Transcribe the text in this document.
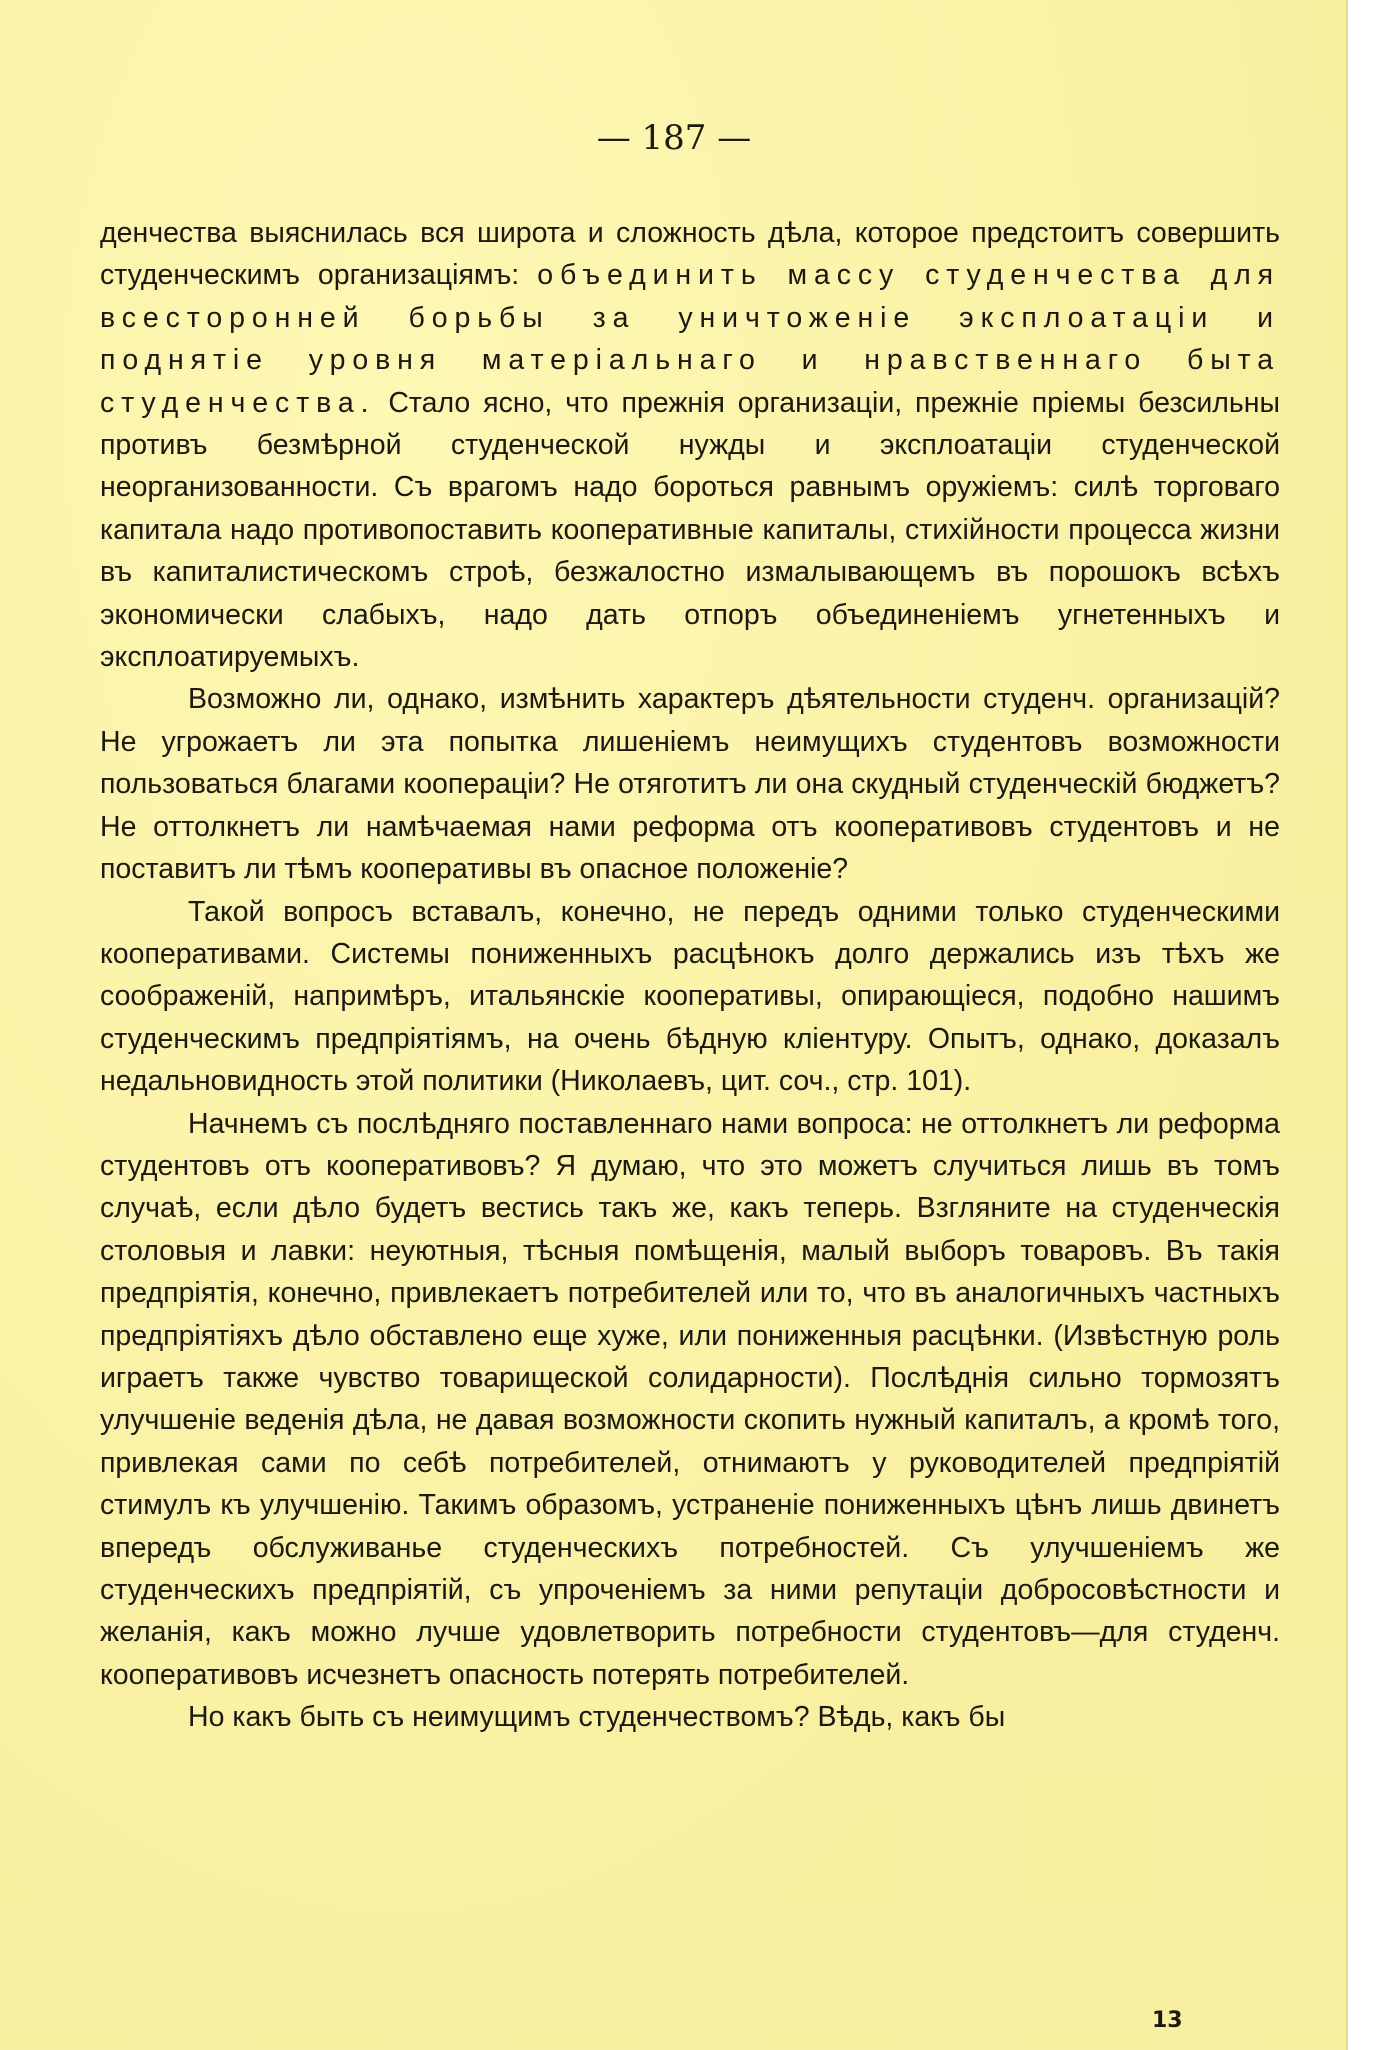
— 187 —

денчества выяснилась вся широта и сложность дѣла, которое предстоитъ совершить студенческимъ организацiямъ: объединить массу студенчества для всесторонней борьбы за уничтоженiе эксплоатацiи и поднятiе уровня матерiальнаго и нравственнаго быта студенчества. Стало ясно, что прежнiя организацiи, прежнiе прiемы безсильны противъ безмѣрной студенческой нужды и эксплоатацiи студенческой неорганизованности. Съ врагомъ надо бороться равнымъ оружiемъ: силѣ торговаго капитала надо противопоставить кооперативные капиталы, стихiйности процесса жизни въ капиталистическомъ строѣ, безжалостно измалывающемъ въ порошокъ всѣхъ экономически слабыхъ, надо дать отпоръ объединенiемъ угнетенныхъ и эксплоатируемыхъ.

Возможно ли, однако, измѣнить характеръ дѣятельности студенч. организацiй? Не угрожаетъ ли эта попытка лишенiемъ неимущихъ студентовъ возможности пользоваться благами кооперацiи? Не отяготитъ ли она скудный студенческiй бюджетъ? Не оттолкнетъ ли намѣчаемая нами реформа отъ кооперативовъ студентовъ и не поставитъ ли тѣмъ кооперативы въ опасное положенiе?

Такой вопросъ вставалъ, конечно, не передъ одними только студенческими кооперативами. Системы пониженныхъ расцѣнокъ долго держались изъ тѣхъ же соображенiй, напримѣръ, итальянскiе кооперативы, опирающiеся, подобно нашимъ студенческимъ предпрiятiямъ, на очень бѣдную клiентуру. Опытъ, однако, доказалъ недальновидность этой политики (Николаевъ, цит. соч., стр. 101).

Начнемъ съ послѣдняго поставленнаго нами вопроса: не оттолкнетъ ли реформа студентовъ отъ кооперативовъ? Я думаю, что это можетъ случиться лишь въ томъ случаѣ, если дѣло будетъ вестись такъ же, какъ теперь. Взгляните на студенческiя столовыя и лавки: неуютныя, тѣсныя помѣщенiя, малый выборъ товаровъ. Въ такiя предпрiятiя, конечно, привлекаетъ потребителей или то, что въ аналогичныхъ частныхъ предпрiятiяхъ дѣло обставлено еще хуже, или пониженныя расцѣнки. (Извѣстную роль играетъ также чувство товарищеской солидарности). Послѣднiя сильно тормозятъ улучшенiе веденiя дѣла, не давая возможности скопить нужный капиталъ, а кромѣ того, привлекая сами по себѣ потребителей, отнимаютъ у руководителей предпрiятiй стимулъ къ улучшенiю. Такимъ образомъ, устраненiе пониженныхъ цѣнъ лишь двинетъ впередъ обслуживанье студенческихъ потребностей. Съ улучшенiемъ же студенческихъ предпрiятiй, съ упроченiемъ за ними репутацiи добросовѣстности и желанiя, какъ можно лучше удовлетворить потребности студентовъ—для студенч. кооперативовъ исчезнетъ опасность потерять потребителей.

Но какъ быть съ неимущимъ студенчествомъ? Вѣдь, какъ бы

13
